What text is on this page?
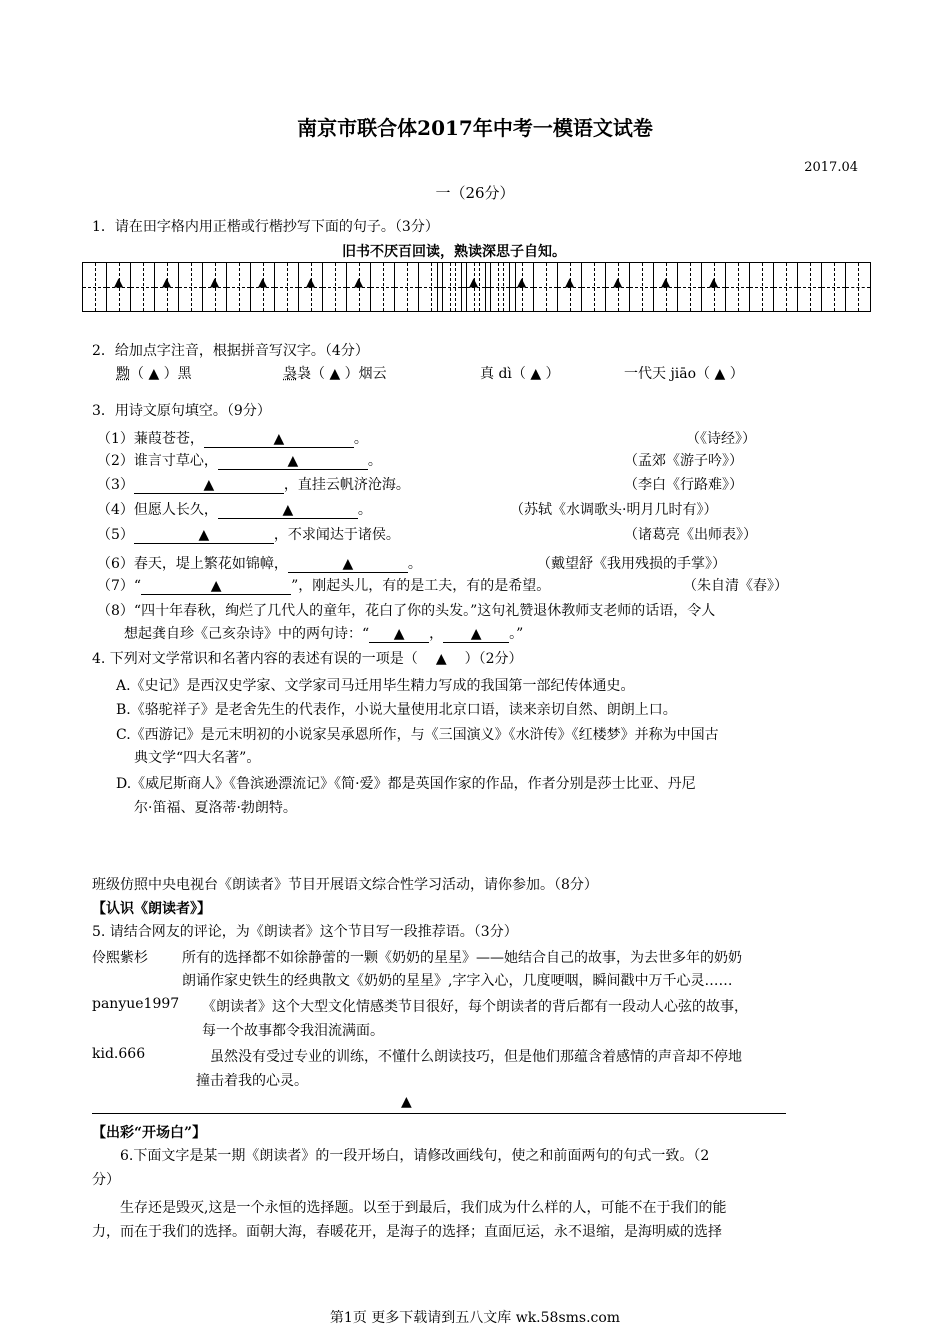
南京市联合体2017年中考一模语文试卷
2017.04
一（26分）
1．请在田字格内用正楷或行楷抄写下面的句子。（3分）
旧书不厌百回读，熟读深思子自知。
▲	▲	▲	▲	▲	▲	▲	▲	▲	▲	▲	▲
2．给加点字注音，根据拼音写汉字。（4分）
黝（ ▲ ）黑	袅袅（ ▲ ）烟云	真 dì（ ▲ ）	一代天 jiāo（ ▲ ）
3．用诗文原句填空。（9分）
（1）蒹葭苍苍，	▲	。	（《诗经》）
（2）谁言寸草心，	▲	。	（孟郊《游子吟》）
（3）	▲	，直挂云帆济沧海。	（李白《行路难》）
（4）但愿人长久，	▲	。	（苏轼《水调歌头·明月几时有》）
（5）	▲	，不求闻达于诸侯。	（诸葛亮《出师表》）
（6）春天，堤上繁花如锦幛，	▲	。	（戴望舒《我用残损的手掌》）
（7）“	▲	”，刚起头儿，有的是工夫，有的是希望。	（朱自清《春》）
（8）“四十年春秋，绚烂了几代人的童年，花白了你的头发。”这句礼赞退休教师支老师的话语，令人
想起龚自珍《己亥杂诗》中的两句诗：“ ▲ ， ▲ 。”
4. 下列对文学常识和名著内容的表述有误的一项是（ ▲ ）（2分）
A.《史记》是西汉史学家、文学家司马迁用毕生精力写成的我国第一部纪传体通史。
B.《骆驼祥子》是老舍先生的代表作，小说大量使用北京口语，读来亲切自然、朗朗上口。
C.《西游记》是元末明初的小说家吴承恩所作，与《三国演义》《水浒传》《红楼梦》并称为中国古
典文学“四大名著”。
D.《威尼斯商人》《鲁滨逊漂流记》《简·爱》都是英国作家的作品，作者分别是莎士比亚、丹尼
尔·笛福、夏洛蒂·勃朗特。
班级仿照中央电视台《朗读者》节目开展语文综合性学习活动，请你参加。（8分）
【认识《朗读者》】
5. 请结合网友的评论，为《朗读者》这个节目写一段推荐语。（3分）
伶熙紫杉 所有的选择都不如徐静蕾的一颗《奶奶的星星》——她结合自己的故事，为去世多年的奶奶
朗诵作家史铁生的经典散文《奶奶的星星》,字字入心，几度哽咽，瞬间戳中万千心灵……
panyue1997 《朗读者》这个大型文化情感类节目很好，每个朗读者的背后都有一段动人心弦的故事，
每一个故事都令我泪流满面。
kid.666	虽然没有受过专业的训练，不懂什么朗读技巧，但是他们那蕴含着感情的声音却不停地
撞击着我的心灵。
▲
【出彩“开场白”】
6.下面文字是某一期《朗读者》的一段开场白，请修改画线句，使之和前面两句的句式一致。（2
分）
生存还是毁灭,这是一个永恒的选择题。以至于到最后，我们成为什么样的人，可能不在于我们的能
力，而在于我们的选择。面朝大海，春暖花开，是海子的选择；直面厄运，永不退缩，是海明威的选择
第1页 更多下载请到五八文库 wk.58sms.com
